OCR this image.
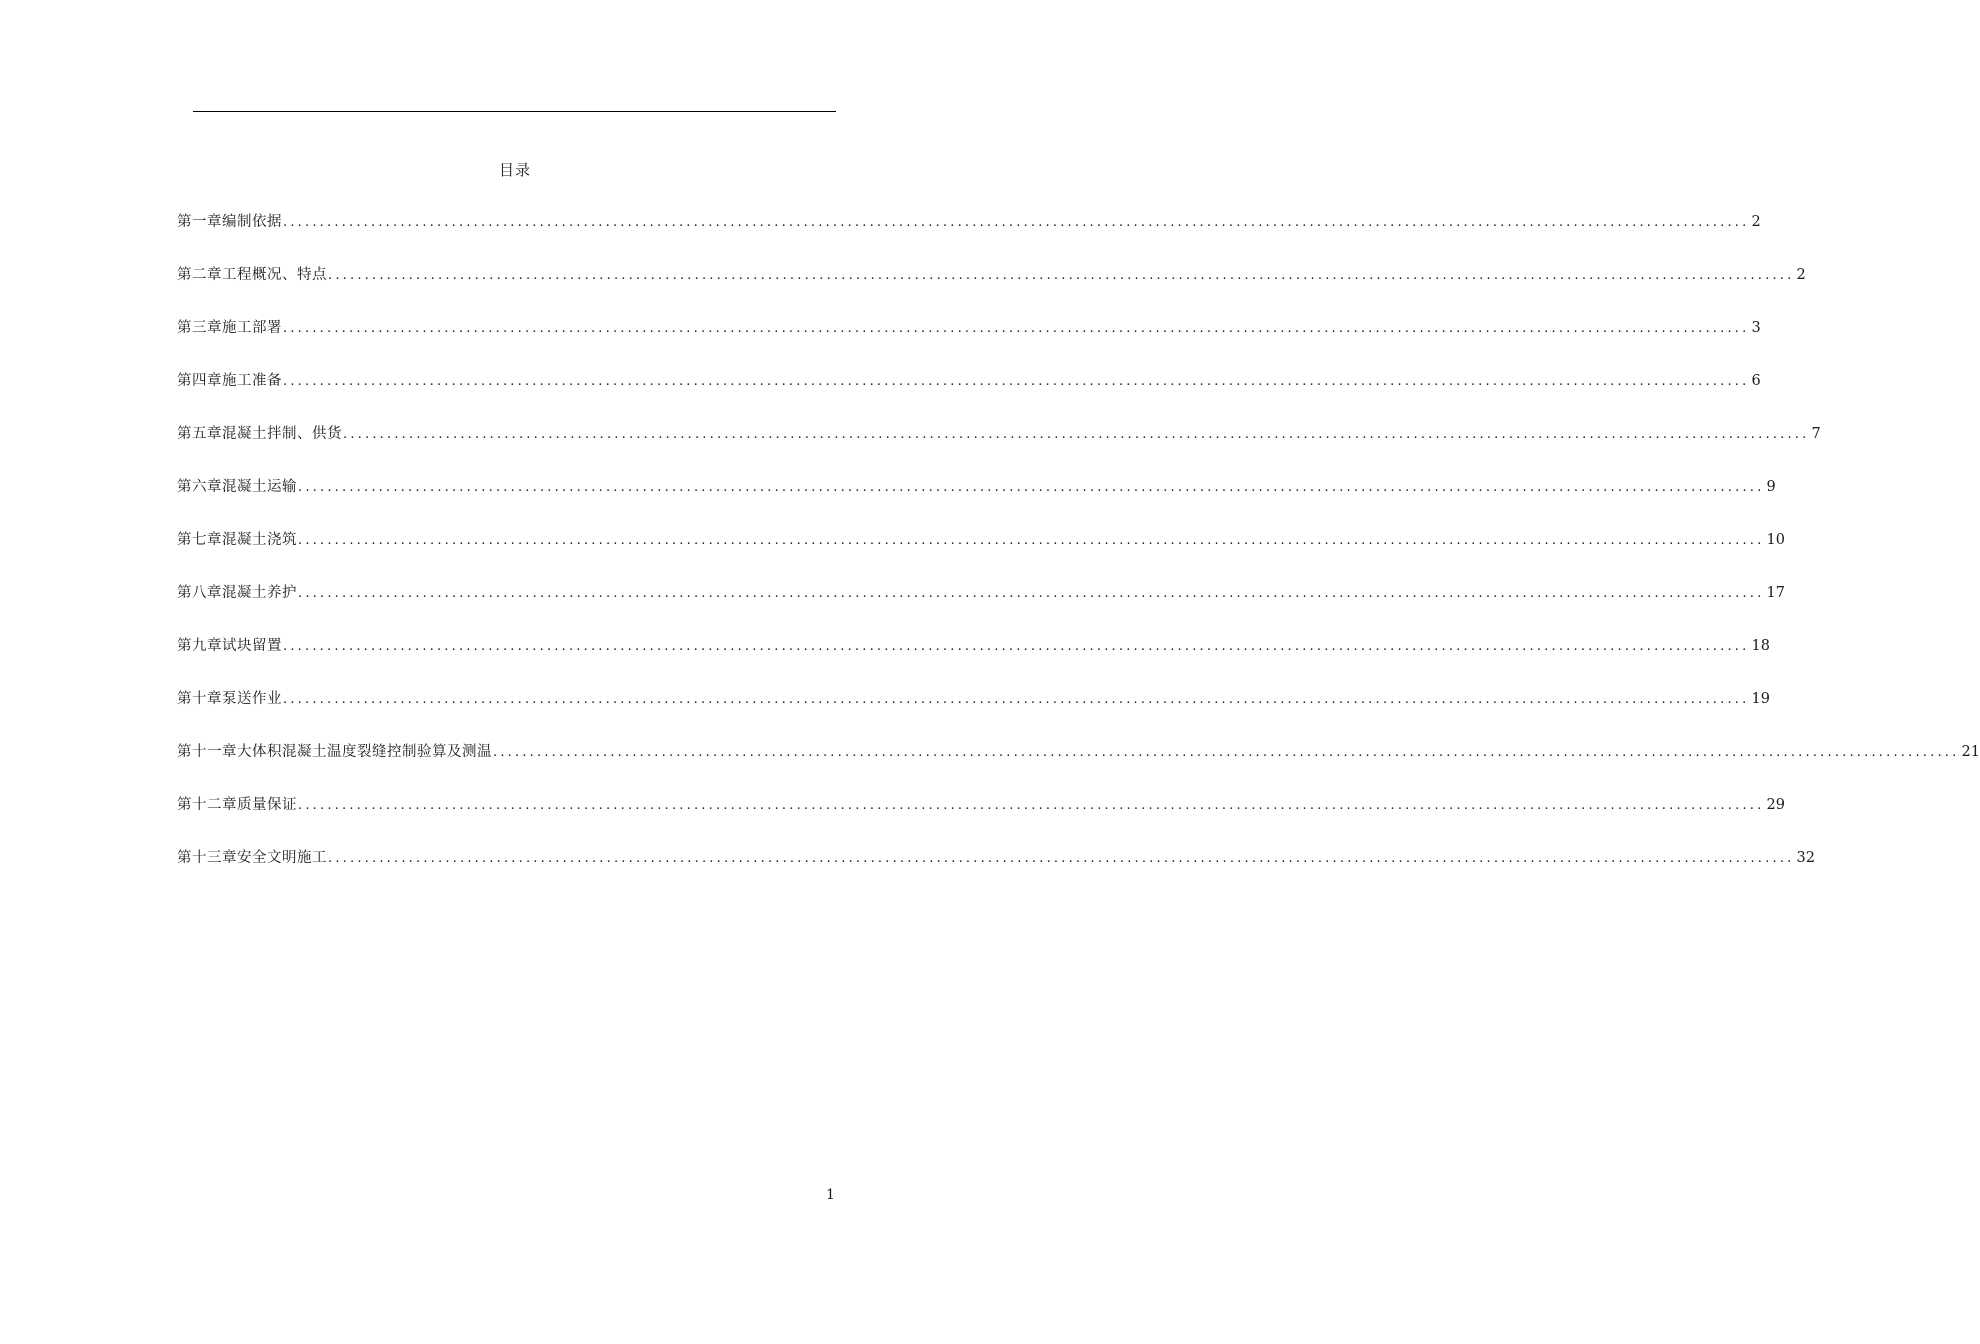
目录
第一章 编制依据 ........................................................................................................................................................................................................ 2
第二章 工程概况、特点 ........................................................................................................................................................................................................ 2
第三章 施工部署 ........................................................................................................................................................................................................ 3
第四章 施工准备 ........................................................................................................................................................................................................ 6
第五章 混凝土拌制、供货 ........................................................................................................................................................................................................ 7
第六章 混凝土运输 ........................................................................................................................................................................................................ 9
第七章 混凝土浇筑 ........................................................................................................................................................................................................ 10
第八章 混凝土养护 ........................................................................................................................................................................................................ 17
第九章 试块留置 ........................................................................................................................................................................................................ 18
第十章 泵送作业 ........................................................................................................................................................................................................ 19
第十一章 大体积混凝土温度裂缝控制验算及测温 ........................................................................................................................................................................................................ 21
第十二章 质量保证 ........................................................................................................................................................................................................ 29
第十三章 安全文明施工 ........................................................................................................................................................................................................ 32
1
